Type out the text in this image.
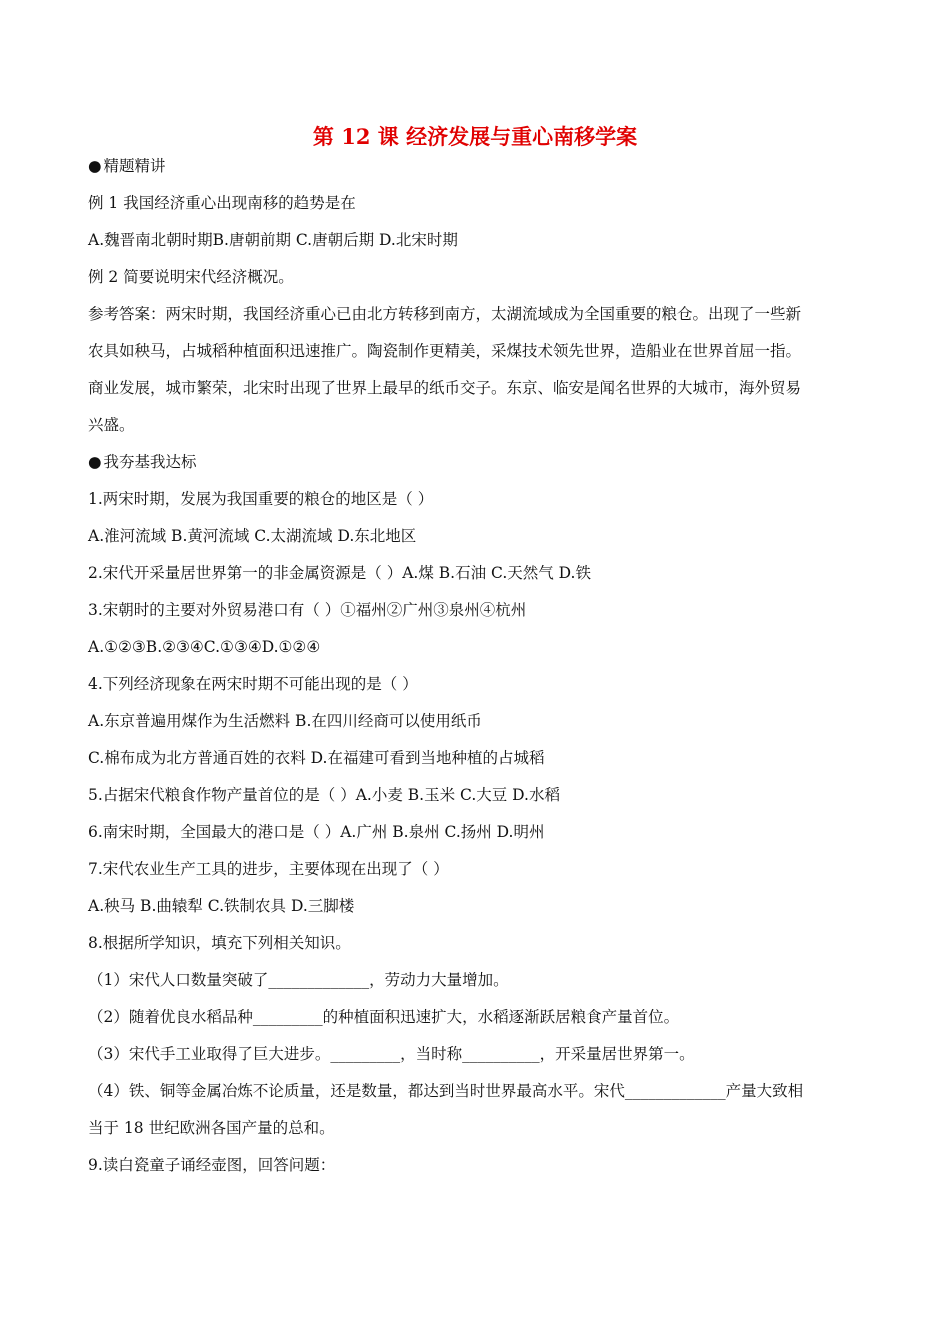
第 12 课 经济发展与重心南移学案
● 精题精讲
例 1 我国经济重心出现南移的趋势是在
A.魏晋南北朝时期B.唐朝前期 C.唐朝后期 D.北宋时期
例 2 简要说明宋代经济概况。
参考答案：两宋时期，我国经济重心已由北方转移到南方，太湖流域成为全国重要的粮仓。出现了一些新
农具如秧马，占城稻种植面积迅速推广。陶瓷制作更精美，采煤技术领先世界，造船业在世界首屈一指。
商业发展，城市繁荣，北宋时出现了世界上最早的纸币交子。东京、临安是闻名世界的大城市，海外贸易
兴盛。
● 我夯基我达标
1.两宋时期，发展为我国重要的粮仓的地区是（ ）
A.淮河流域 B.黄河流域 C.太湖流域 D.东北地区
2.宋代开采量居世界第一的非金属资源是（ ）A.煤 B.石油 C.天然气 D.铁
3.宋朝时的主要对外贸易港口有（ ）①福州②广州③泉州④杭州
A.①②③B.②③④C.①③④D.①②④
4.下列经济现象在两宋时期不可能出现的是（ ）
A.东京普遍用煤作为生活燃料 B.在四川经商可以使用纸币
C.棉布成为北方普通百姓的衣料 D.在福建可看到当地种植的占城稻
5.占据宋代粮食作物产量首位的是（ ）A.小麦 B.玉米 C.大豆 D.水稻
6.南宋时期，全国最大的港口是（ ）A.广州 B.泉州 C.扬州 D.明州
7.宋代农业生产工具的进步，主要体现在出现了（ ）
A.秧马 B.曲辕犁 C.铁制农具 D.三脚楼
8.根据所学知识，填充下列相关知识。
（1）宋代人口数量突破了_____________，劳动力大量增加。
（2）随着优良水稻品种_________的种植面积迅速扩大，水稻逐渐跃居粮食产量首位。
（3）宋代手工业取得了巨大进步。_________，当时称__________，开采量居世界第一。
（4）铁、铜等金属冶炼不论质量，还是数量，都达到当时世界最高水平。宋代_____________产量大致相
当于 18 世纪欧洲各国产量的总和。
9.读白瓷童子诵经壶图，回答问题：
